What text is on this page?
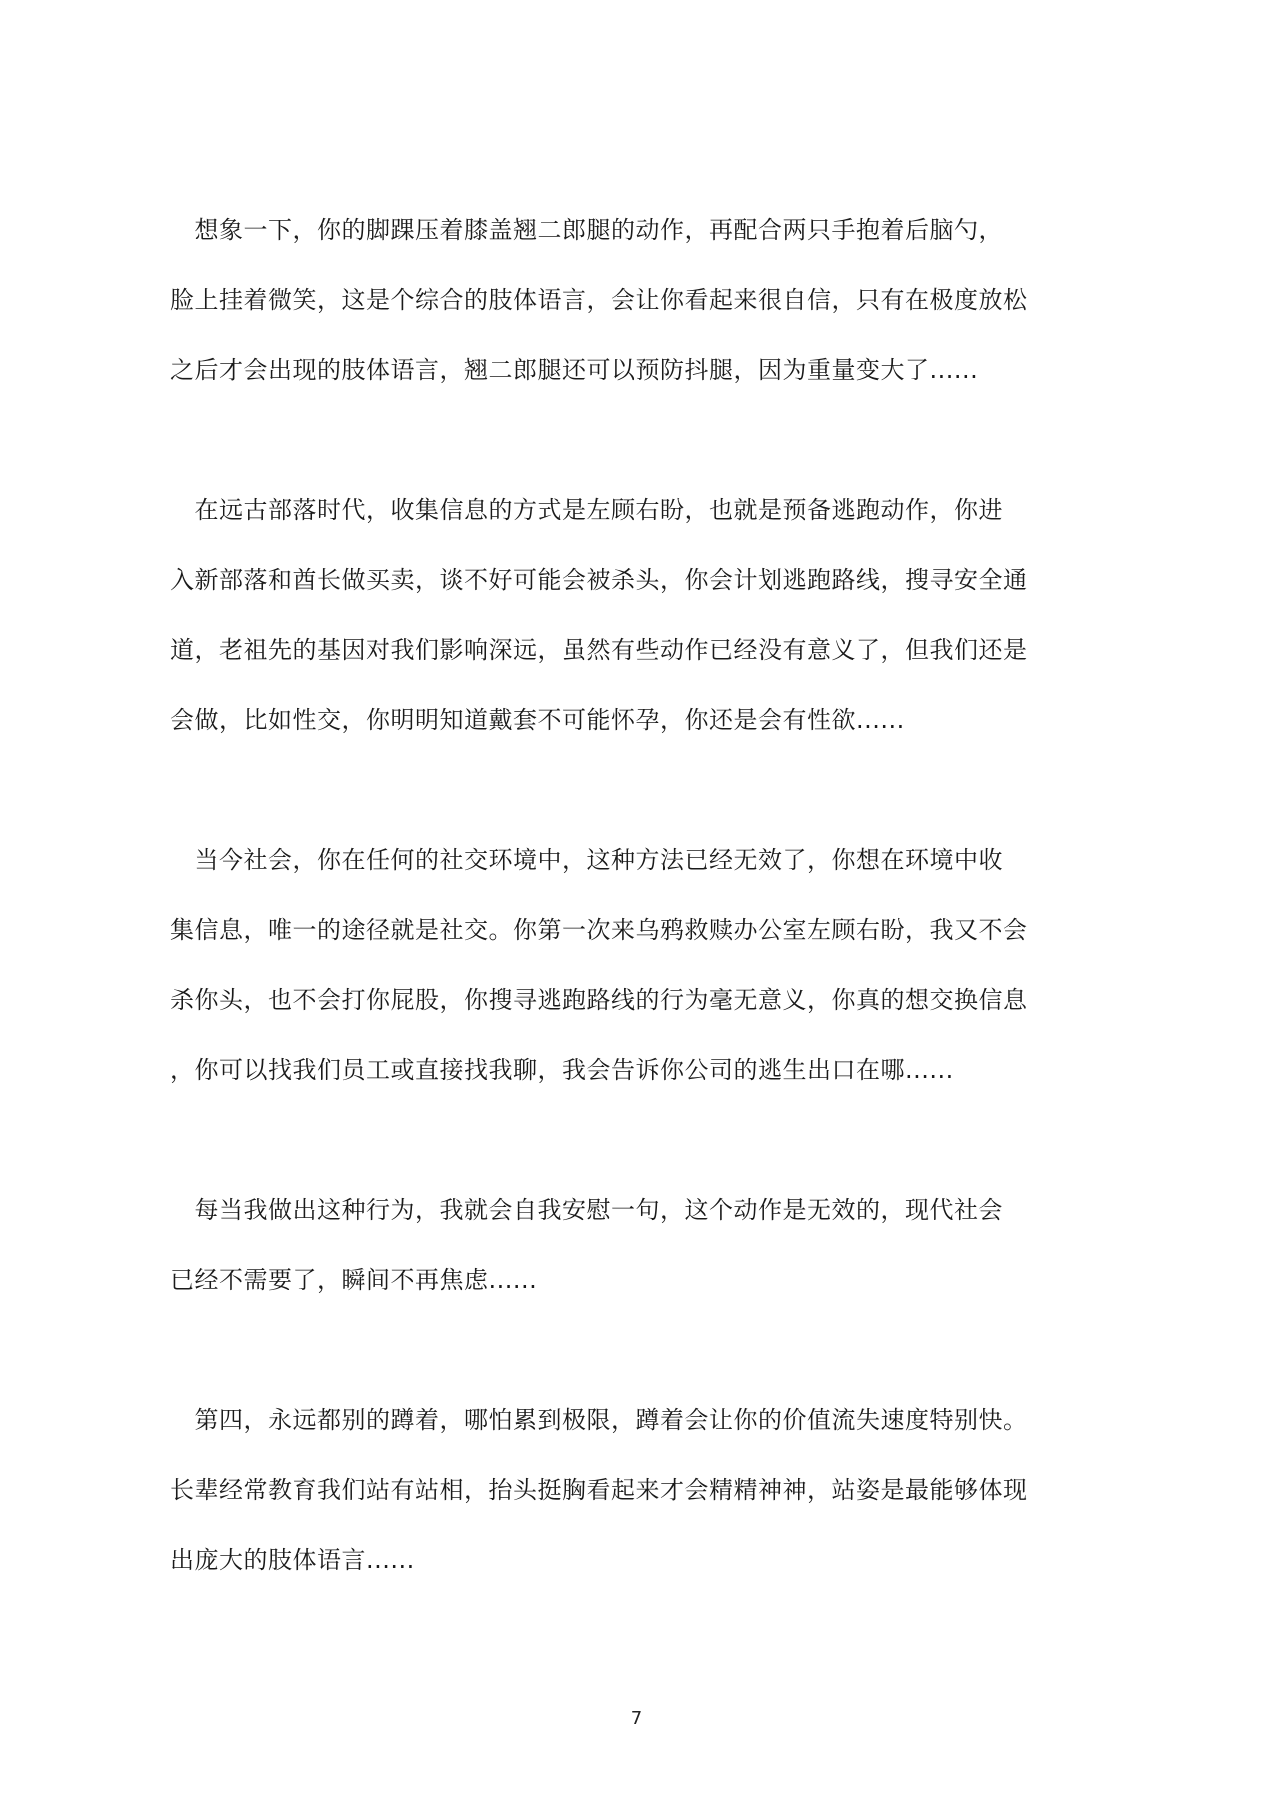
　想象一下，你的脚踝压着膝盖翘二郎腿的动作，再配合两只手抱着后脑勺，
脸上挂着微笑，这是个综合的肢体语言，会让你看起来很自信，只有在极度放松
之后才会出现的肢体语言，翘二郎腿还可以预防抖腿，因为重量变大了......
　在远古部落时代，收集信息的方式是左顾右盼，也就是预备逃跑动作，你进
入新部落和酋长做买卖，谈不好可能会被杀头，你会计划逃跑路线，搜寻安全通
道，老祖先的基因对我们影响深远，虽然有些动作已经没有意义了，但我们还是
会做，比如性交，你明明知道戴套不可能怀孕，你还是会有性欲......
　当今社会，你在任何的社交环境中，这种方法已经无效了，你想在环境中收
集信息，唯一的途径就是社交。你第一次来乌鸦救赎办公室左顾右盼，我又不会
杀你头，也不会打你屁股，你搜寻逃跑路线的行为毫无意义，你真的想交换信息
，你可以找我们员工或直接找我聊，我会告诉你公司的逃生出口在哪......
　每当我做出这种行为，我就会自我安慰一句，这个动作是无效的，现代社会
已经不需要了，瞬间不再焦虑......
　第四，永远都别的蹲着，哪怕累到极限，蹲着会让你的价值流失速度特别快。
长辈经常教育我们站有站相，抬头挺胸看起来才会精精神神，站姿是最能够体现
出庞大的肢体语言......
7
